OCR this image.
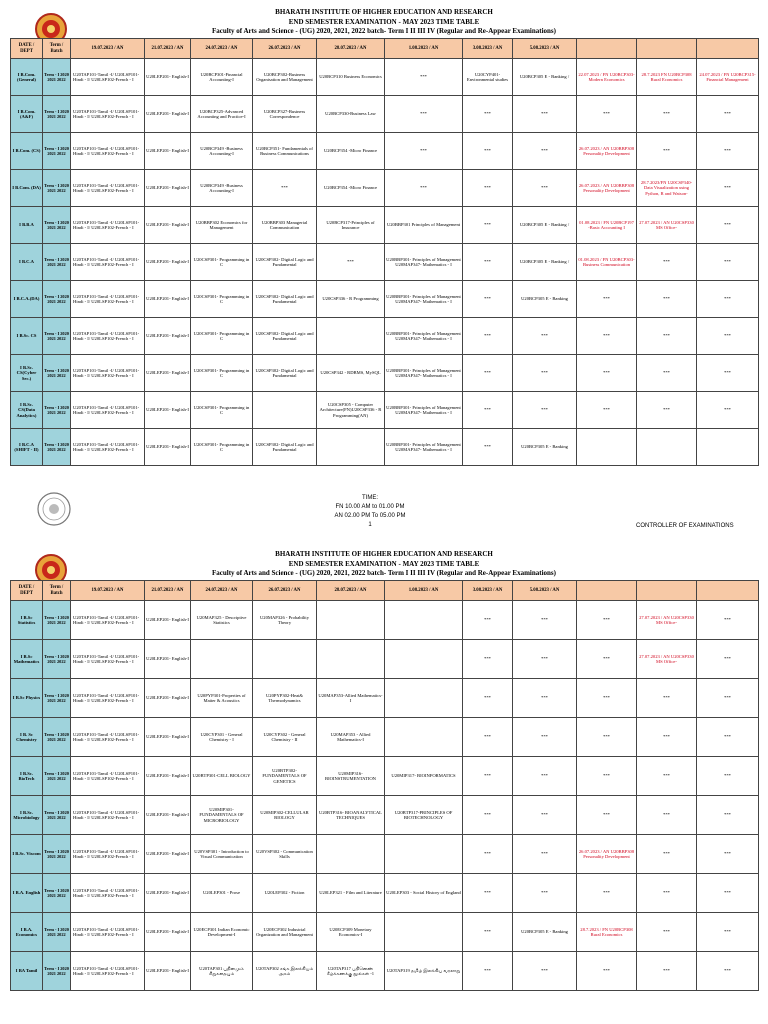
BHARATH INSTITUTE OF HIGHER EDUCATION AND RESEARCH
END SEMESTER EXAMINATION - MAY 2023 TIME TABLE
Faculty of Arts and Science - (UG) 2020, 2021, 2022 batch- Term I II III IV (Regular and Re-Appear Examinations)
DATE / DEPT	Term / Batch	19.07.2023 / AN	21.07.2023 / AN	24.07.2023 / AN	26.07.2023 / AN	28.07.2023 / AN	1.08.2023 / AN	3.08.2023 / AN	5.08.2023 / AN			
I B.Com. (General)	Term - I 2020 2021 2022	U20TAP101-Tamil -I/ U20LSP101-Hindi - I/ U20LSP102-French - I	U20LEP201- English-I	U20BCP301-Financial Accounting-I	U20BCP302-Business Organisation and Management	U20BCP310 Business Economics	***	U20CYP401- Environmental studies	U20BCP305 E - Banking /	22.07.2023 / FN U20BCP303-Modern Economics	28.7.2023 FN U20BCP308 Rural Economics	24.07.2023 / FN U20BCP315-Financial Management
I B.Com. (A&F)	Term - I 2020 2021 2022	U20TAP101-Tamil -I/ U20LSP101-Hindi - I/ U20LSP102-French - I	U20LEP201- English-I	U20BCP325-Advanced Accounting and Practice-I	U20BCP327-Business Correspondence	U20BCP330-Business Law	***	***	***	***	***	***
I B.Com. (CS)	Term - I 2020 2021 2022	U20TAP101-Tamil -I/ U20LSP101-Hindi - I/ U20LSP102-French - I	U20LEP201- English-I	U20BCP349 -Business Accounting-I	U20BCP351- Fundamentals of Business Communications	U20BCP354 -Micro Finance	***	***	***	26.07.2023 / AN U20BBP308 Personality Development	***	***
I B.Com. (DA)	Term - I 2020 2021 2022	U20TAP101-Tamil -I/ U20LSP101-Hindi - I/ U20LSP102-French - I	U20LEP201- English-I	U20BCP349 -Business Accounting-I	***	U20BCP354 -Micro Finance	***	***	***	26.07.2023 / AN U20BBP308 Personality Development	28.7.2023/FN U20CSP340-Data Visualization using Python, R and Watson-	***
I B.B.A	Term - I 2020 2021 2022	U20TAP101-Tamil -I/ U20LSP101-Hindi - I/ U20LSP102-French - I	U20LEP201- English-I	U20BBP302 Economics for Management	U20BBP303 Managerial Communication	U20BCP317-Principles of Insurance	U20BBP301 Principles of Management	***	U20BCP305 E - Banking /	01.08.2023 / FN U20BCP197 -Basic Accounting I	27.07.2023 / AN U20CSP330 MS Office-	***
I B.C.A	Term - I 2020 2021 2022	U20TAP101-Tamil -I/ U20LSP101-Hindi - I/ U20LSP102-French - I	U20LEP201- English-I	U20CSP301- Programming in C	U20CSP302- Digital Logic and Fundamental	***	U20BBP301- Principles of Management U20MAP347- Mathematics - I	***	U20BCP305 E - Banking /	01.08.2023 / FN U20BCP303-Business Communication	***	***
I B.C.A.(DA)	Term - I 2020 2021 2022	U20TAP101-Tamil -I/ U20LSP101-Hindi - I/ U20LSP102-French - I	U20LEP201- English-I	U20CSP301- Programming in C	U20CSP302- Digital Logic and Fundamental	U20CSP336 - R Programming	U20BBP301- Principles of Management U20MAP347- Mathematics - I	***	U20BCP305 E - Banking	***	***	***
I B.Sc. CS	Term - I 2020 2021 2022	U20TAP101-Tamil -I/ U20LSP101-Hindi - I/ U20LSP102-French - I	U20LEP201- English-I	U20CSP301- Programming in C	U20CSP302- Digital Logic and Fundamental		U20BBP301- Principles of Management U20MAP347- Mathematics - I	***	***	***	***	***
I B.Sc. CS(Cyber Sec.)	Term - I 2020 2021 2022	U20TAP101-Tamil -I/ U20LSP101-Hindi - I/ U20LSP102-French - I	U20LEP201- English-I	U20CSP301- Programming in C	U20CSP302- Digital Logic and Fundamental	U20CSP342 - RDBMS, MySQL	U20BBP301- Principles of Management U20MAP347- Mathematics - I	***	***	***	***	***
I B.Sc. CS(Data Analytics)	Term - I 2020 2021 2022	U20TAP101-Tamil -I/ U20LSP101-Hindi - I/ U20LSP102-French - I	U20LEP201- English-I	U20CSP301- Programming in C		U20CSP305 - Computer Architecture(FN)U20CSP336 - R Programming(AN)	U20BBP301- Principles of Management U20MAP347- Mathematics - I	***	***	***	***	***
I B.C.A (SHIFT - II)	Term - I 2020 2021 2022	U20TAP101-Tamil -I/ U20LSP101-Hindi - I/ U20LSP102-French - I	U20LEP201- English-I	U20CSP301- Programming in C	U20CSP302- Digital Logic and Fundamental		U20BBP301- Principles of Management U20MAP347- Mathematics - I	***	U20BCP305 E - Banking			
TIME:
FN 10.00 AM to 01.00 PM
AN 02.00 PM To 05.00 PM
1	CONTROLLER OF EXAMINATIONS
BHARATH INSTITUTE OF HIGHER EDUCATION AND RESEARCH
END SEMESTER EXAMINATION - MAY 2023 TIME TABLE
Faculty of Arts and Science - (UG) 2020, 2021, 2022 batch- Term I II III IV (Regular and Re-Appear Examinations)
DATE / DEPT	Term / Batch	19.07.2023 / AN	21.07.2023 / AN	24.07.2023 / AN	26.07.2023 / AN	28.07.2023 / AN	1.08.2023 / AN	3.08.2023 / AN	5.08.2023 / AN			
I B.Sc Statistics	Term - I 2020 2021 2022	U20TAP101-Tamil -I/ U20LSP101-Hindi - I/ U20LSP102-French - I	U20LEP201- English-I	U20MAP325 - Descriptive Statistics	U20MAP326 - Probability Theory			***	***	***	27.07.2023 / AN U20CSP330 MS Office-	***
I B.Sc Mathematics	Term - I 2020 2021 2022	U20TAP101-Tamil -I/ U20LSP101-Hindi - I/ U20LSP102-French - I	U20LEP201- English-I					***	***	***	27.07.2023 / AN U20CSP330 MS Office-	***
I B.Sc Physics	Term - I 2020 2021 2022	U20TAP101-Tamil -I/ U20LSP101-Hindi - I/ U20LSP102-French - I	U20LEP201- English-I	U20PYP301-Properties of Matter & Acoustics	U20PYP302-Heat& Thermodynamics	U20MAP353-Allied Mathematics-I		***	***	***	***	***
I B. Sc Chemistry	Term - I 2020 2021 2022	U20TAP101-Tamil -I/ U20LSP101-Hindi - I/ U20LSP102-French - I	U20LEP201- English-I	U20CYP301 - General Chemistry - I	U20CYP302 - General Chemistry - II	U20MAP353 - Allied Mathematics-I		***	***	***	***	***
I B.Sc. BioTech	Term - I 2020 2021 2022	U20TAP101-Tamil -I/ U20LSP101-Hindi - I/ U20LSP102-French - I	U20LEP201- English-I	U20BTP301-CELL BIOLOGY	U20BTP302- FUNDAMENTALS OF GENETICS	U20MIP316- BIOINSTRUMENTATION	U20MIP317- BIOINFORMATICS	***	***	***	***	***
I B.Sc. Microbiology	Term - I 2020 2021 2022	U20TAP101-Tamil -I/ U20LSP101-Hindi - I/ U20LSP102-French - I	U20LEP201- English-I	U20MIP301- FUNDAMENTALS OF MICROBIOLOGY	U20MIP302-CELLULAR BIOLOGY	U20BTP316- BIOANALYTICAL TECHNIQUES	U20BTP317-PRINCIPLES OF BIOTECHNOLOGY	***	***	***	***	***
I B.Sc. Viscom	Term - I 2020 2021 2022	U20TAP101-Tamil -I/ U20LSP101-Hindi - I/ U20LSP102-French - I	U20LEP201- English-I	U20VSP301 - Introduction to Visual Communication	U20VSP302 - Communication Skills			***	***	26.07.2023 / AN U20BBP308 Personality Development	***	***
I B.A. English	Term - I 2020 2021 2022	U20TAP101-Tamil -I/ U20LSP101-Hindi - I/ U20LSP102-French - I	U20LEP201- English-I	U20LEP301 - Prose	U20LEP302 - Fiction	U20LEP321 - Film and Literature	U20LEP303 - Social History of England	***	***	***	***	***
I B.A. Economics	Term - I 2020 2021 2022	U20TAP101-Tamil -I/ U20LSP101-Hindi - I/ U20LSP102-French - I	U20LEP201- English-I	U20ECP301 Indian Economic Development-I	U20ECP302 Industrial Organization and Management	U20ECP309 Monetary Economics-I		***	U20BCP305 E - Banking	28.7.2023 / FN U20BCP308 Rural Economics	***	***
I BA Tamil	Term - I 2020 2021 2022	U20TAP101-Tamil -I/ U20LSP101-Hindi - I/ U20LSP102-French - I	U20LEP201- English-I	U20TAP301 புதினமும் சிறுகதையும்	U20TAP302 சங்க இலக்கியம் அகம்	U20TAP317 பதினெண் கீழ்க்கணக்கு நூல்கள் -1	U20TAP319 தமிழ் இலக்கிய வரலாறு	***	***	***	***	***
